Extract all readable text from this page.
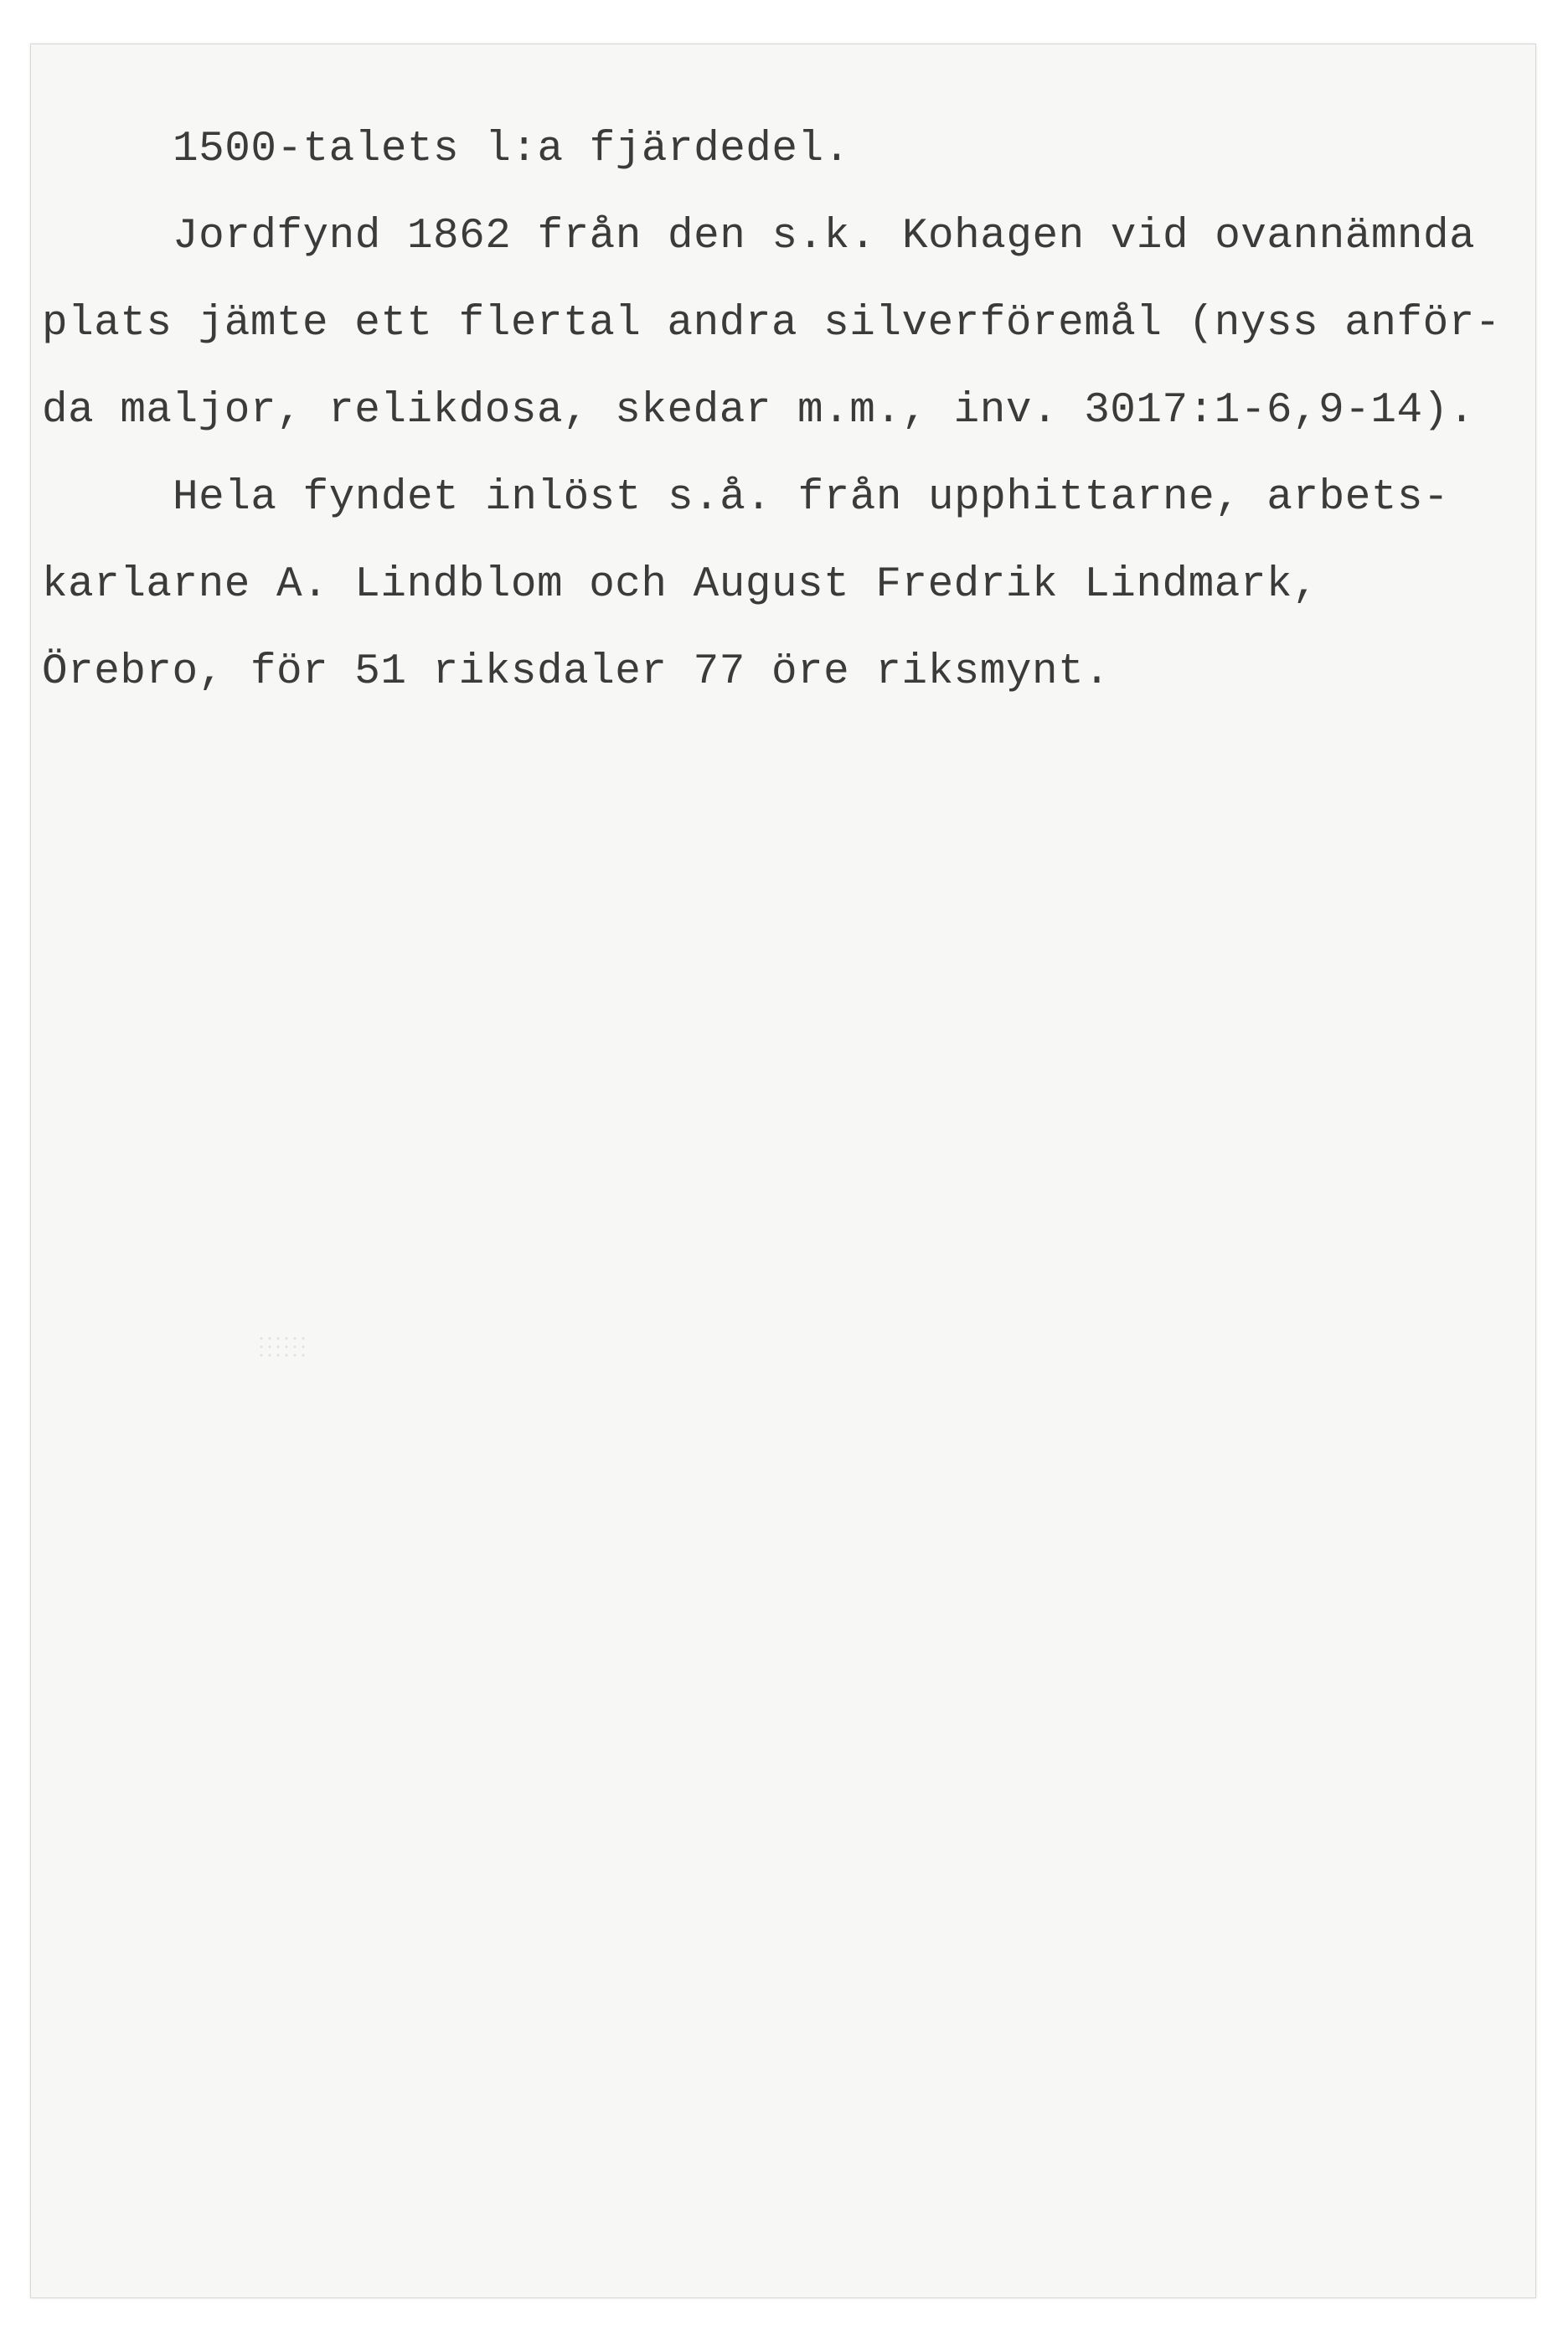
1500-talets l:a fjärdedel.
Jordfynd 1862 från den s.k. Kohagen vid ovannämnda
plats jämte ett flertal andra silverföremål (nyss anför-
da maljor, relikdosa, skedar m.m., inv. 3017:1-6,9-14).
Hela fyndet inlöst s.å. från upphittarne, arbets-
karlarne A. Lindblom och August Fredrik Lindmark,
Örebro, för 51 riksdaler 77 öre riksmynt.
